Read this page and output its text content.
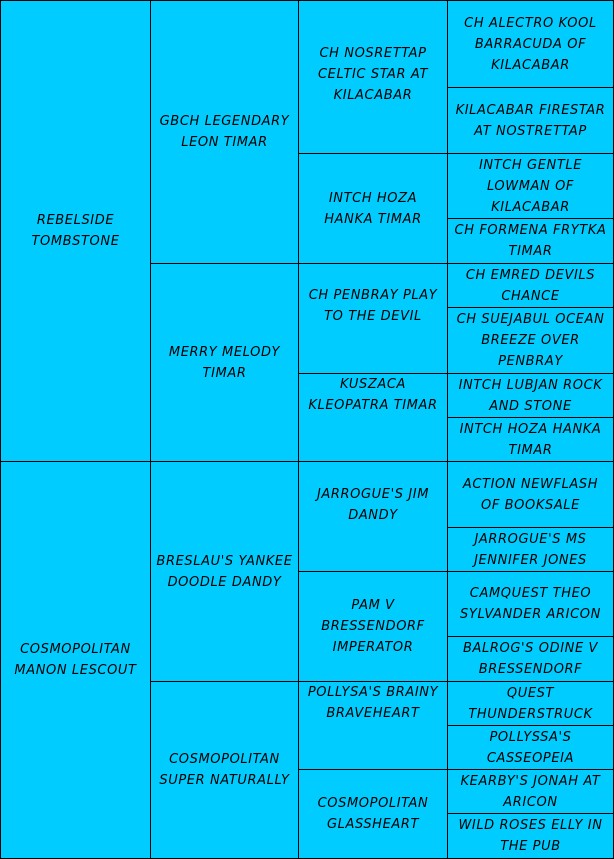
REBELSIDE TOMBSTONE
COSMOPOLITAN MANON LESCOUT
GBCH LEGENDARY LEON TIMAR
MERRY MELODY TIMAR
BRESLAU'S YANKEE DOODLE DANDY
COSMOPOLITAN SUPER NATURALLY
CH NOSRETTAP CELTIC STAR AT KILACABAR
INTCH HOZA HANKA TIMAR
CH PENBRAY PLAY TO THE DEVIL
KUSZACA KLEOPATRA TIMAR
JARROGUE'S JIM DANDY
PAM V BRESSENDORF IMPERATOR
POLLYSA'S BRAINY BRAVEHEART
COSMOPOLITAN GLASSHEART
CH ALECTRO KOOL BARRACUDA OF KILACABAR
KILACABAR FIRESTAR AT NOSTRETTAP
INTCH GENTLE LOWMAN OF KILACABAR
CH FORMENA FRYTKA TIMAR
CH EMRED DEVILS CHANCE
CH SUEJABUL OCEAN BREEZE OVER PENBRAY
INTCH LUBJAN ROCK AND STONE
INTCH HOZA HANKA TIMAR
ACTION NEWFLASH OF BOOKSALE
JARROGUE'S MS JENNIFER JONES
CAMQUEST THEO SYLVANDER ARICON
BALROG'S ODINE V BRESSENDORF
QUEST THUNDERSTRUCK
POLLYSSA'S CASSEOPEIA
KEARBY'S JONAH AT ARICON
WILD ROSES ELLY IN THE PUB
